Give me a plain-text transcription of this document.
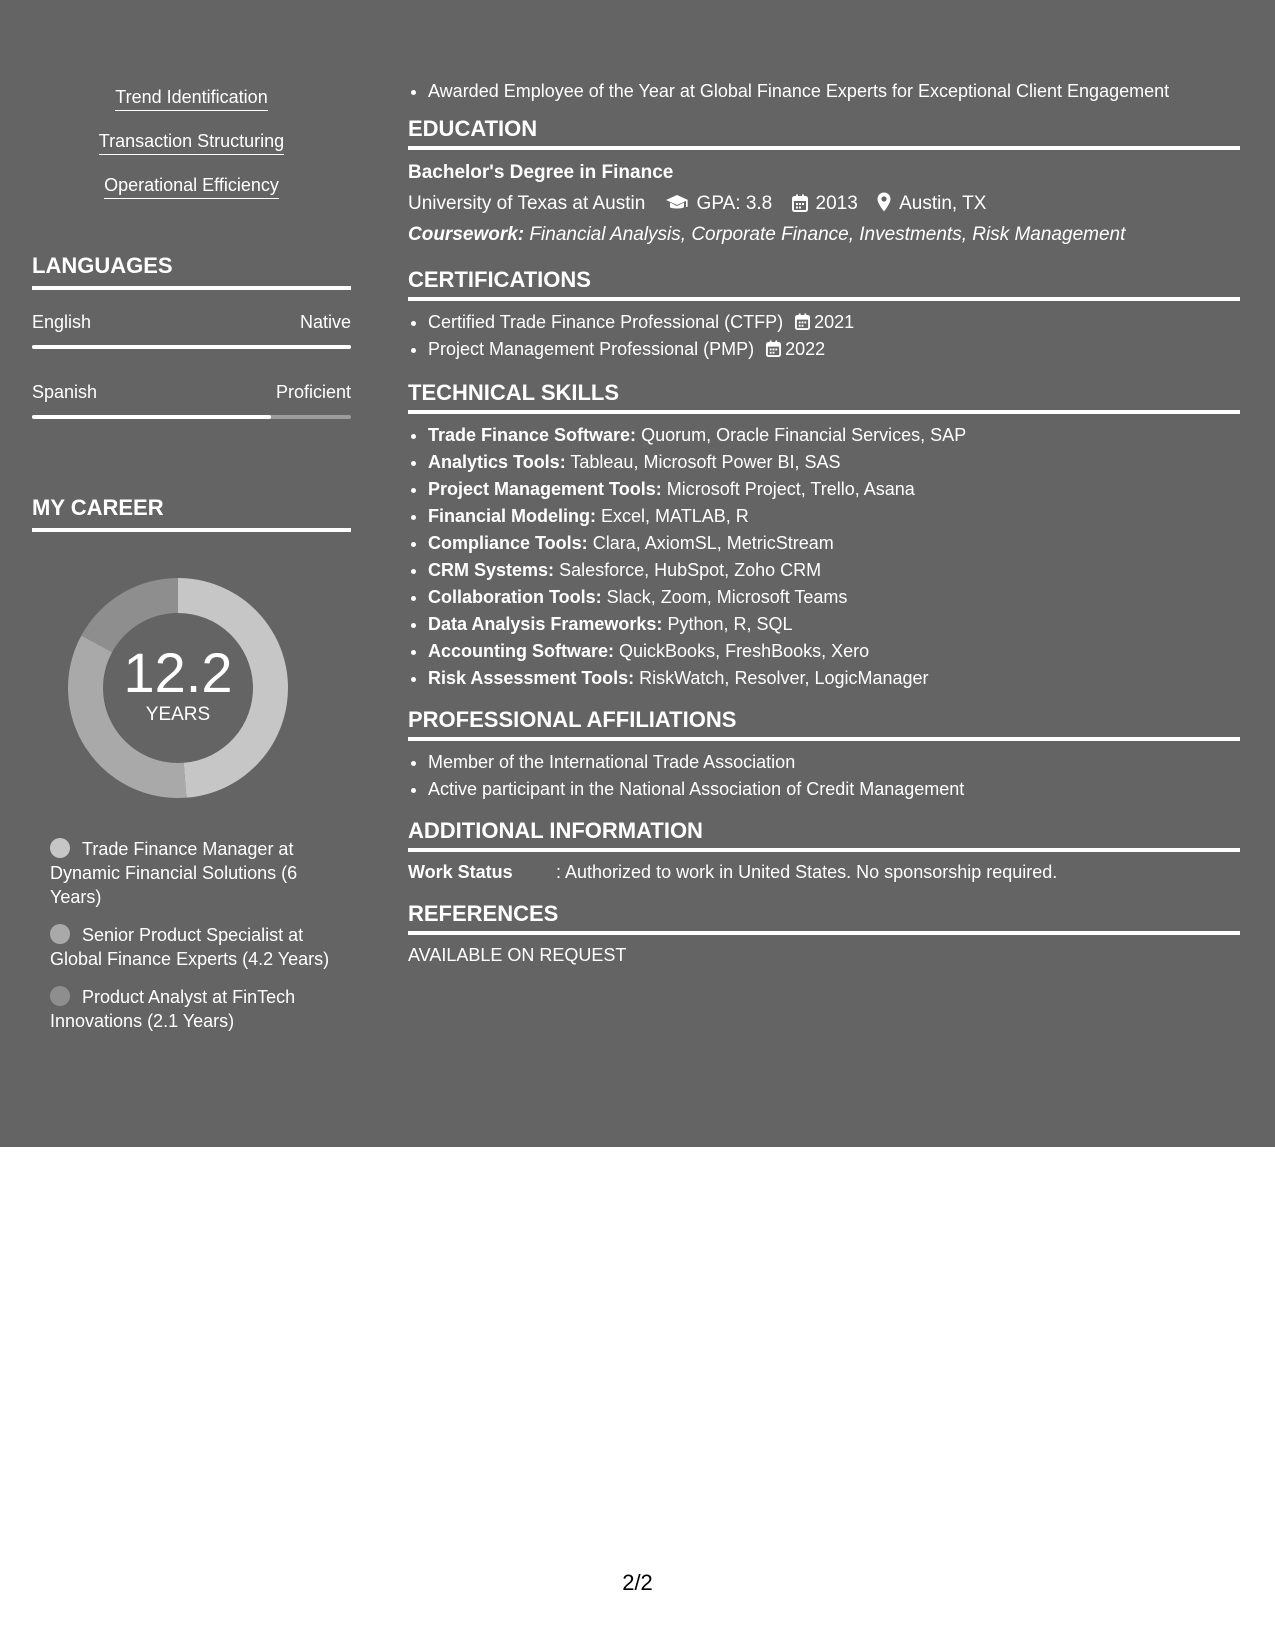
Trend Identification
Transaction Structuring
Operational Efficiency
LANGUAGES
English	Native
Spanish	Proficient
MY CAREER
12.2
YEARS
Trade Finance Manager at Dynamic Financial Solutions (6 Years)
Senior Product Specialist at Global Finance Experts (4.2 Years)
Product Analyst at FinTech Innovations (2.1 Years)
• Awarded Employee of the Year at Global Finance Experts for Exceptional Client Engagement
EDUCATION
Bachelor's Degree in Finance
University of Texas at Austin	GPA: 3.8 2013 Austin, TX
Coursework: Financial Analysis, Corporate Finance, Investments, Risk Management
CERTIFICATIONS
• Certified Trade Finance Professional (CTFP) 2021
• Project Management Professional (PMP) 2022
TECHNICAL SKILLS
• Trade Finance Software: Quorum, Oracle Financial Services, SAP
• Analytics Tools: Tableau, Microsoft Power BI, SAS
• Project Management Tools: Microsoft Project, Trello, Asana
• Financial Modeling: Excel, MATLAB, R
• Compliance Tools: Clara, AxiomSL, MetricStream
• CRM Systems: Salesforce, HubSpot, Zoho CRM
• Collaboration Tools: Slack, Zoom, Microsoft Teams
• Data Analysis Frameworks: Python, R, SQL
• Accounting Software: QuickBooks, FreshBooks, Xero
• Risk Assessment Tools: RiskWatch, Resolver, LogicManager
PROFESSIONAL AFFILIATIONS
• Member of the International Trade Association
• Active participant in the National Association of Credit Management
ADDITIONAL INFORMATION
Work Status : Authorized to work in United States. No sponsorship required.
REFERENCES
AVAILABLE ON REQUEST
2/2
